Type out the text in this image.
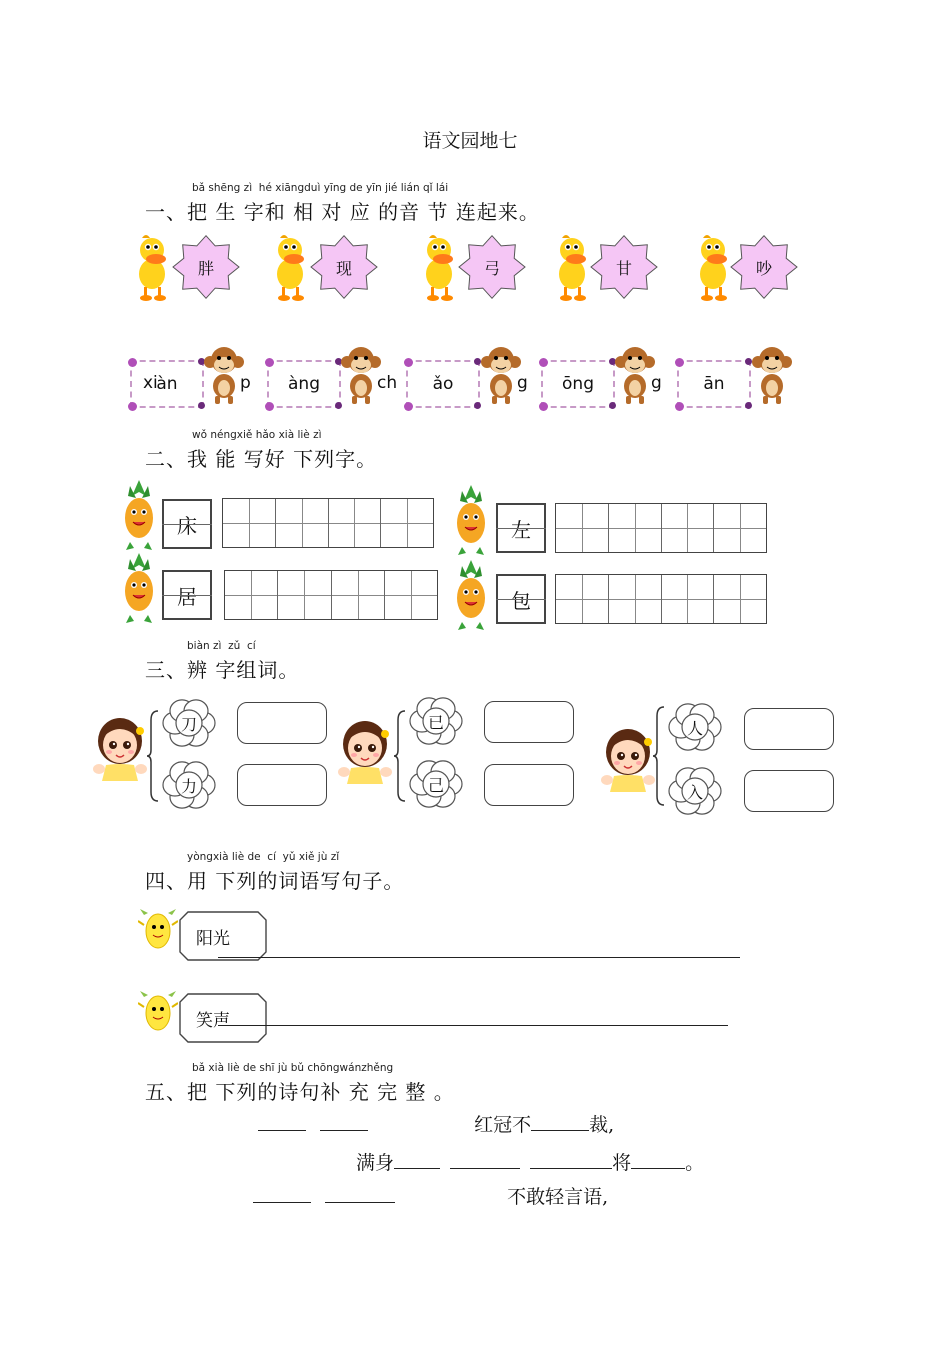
语文园地七
bǎ shēng zì  hé xiāngduì yīng de yīn jié lián qǐ lái
一、把 生 字和 相 对 应 的音 节 连起来。
wǒ néngxiě hǎo xià liè zì
二、我 能 写好 下列字。
biàn zì  zǔ  cí
三、辨 字组词。
yòngxià liè de  cí  yǔ xiě jù zǐ
四、用 下列的词语写句子。
bǎ xià liè de shī jù bǔ chōngwánzhěng
五、把 下列的诗句补 充 完 整 。
红冠不	裁,
满身	将	。
不敢轻言语,
胖	现	弓	甘	吵
àn
xi	àng
p	ǎo
ch	ōng
g	ān
g
床	左
居	包
刀
力
已
己
人
入
阳光
笑声
